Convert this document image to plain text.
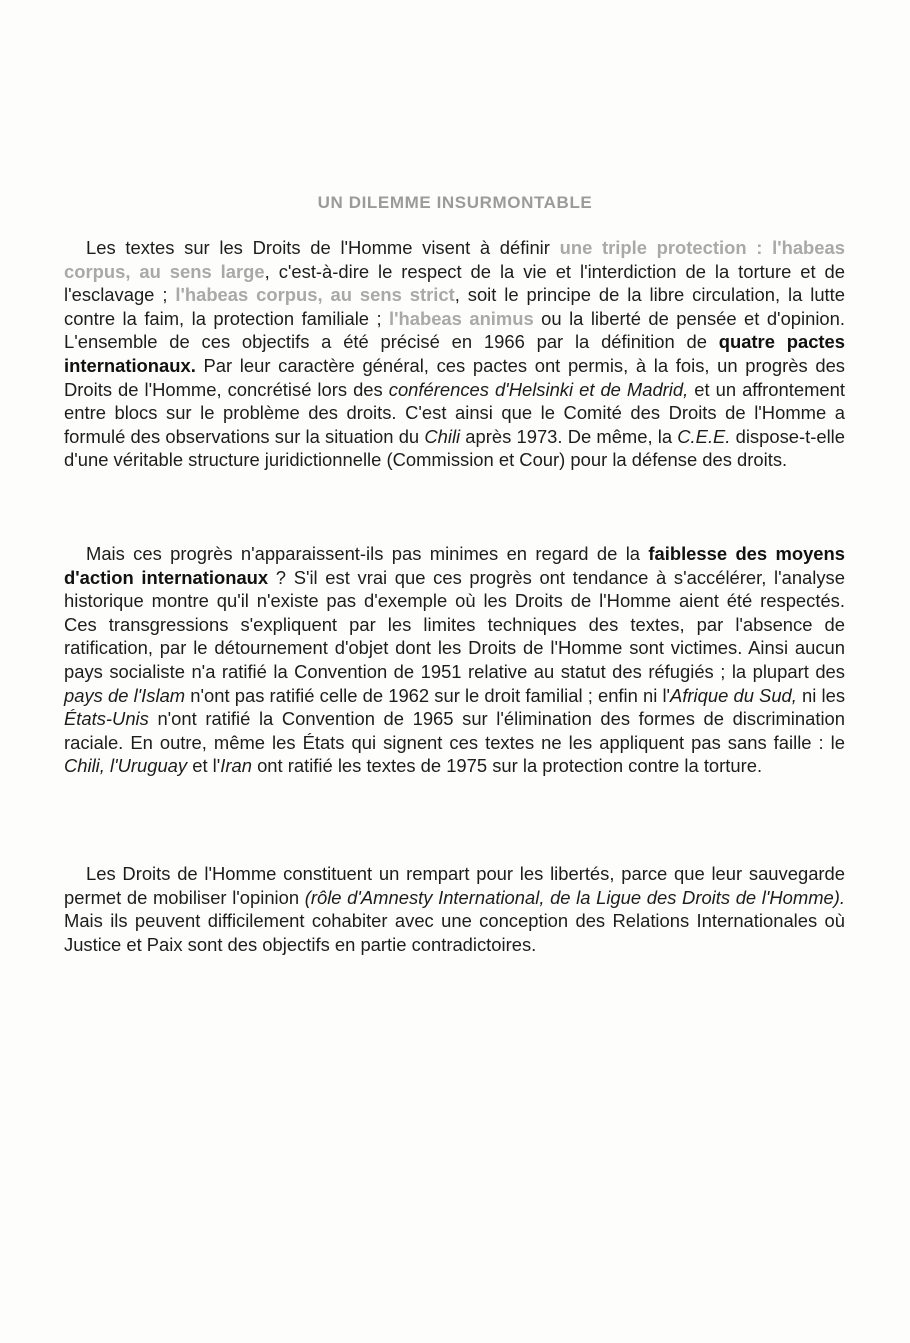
UN DILEMME INSURMONTABLE

Les textes sur les Droits de l'Homme visent à définir une triple protection : l'habeas corpus, au sens large, c'est-à-dire le respect de la vie et l'interdiction de la torture et de l'esclavage ; l'habeas corpus, au sens strict, soit le principe de la libre circulation, la lutte contre la faim, la protection familiale ; l'habeas animus ou la liberté de pensée et d'opinion. L'ensemble de ces objectifs a été précisé en 1966 par la définition de quatre pactes internationaux. Par leur caractère général, ces pactes ont permis, à la fois, un progrès des Droits de l'Homme, concrétisé lors des conférences d'Helsinki et de Madrid, et un affrontement entre blocs sur le problème des droits. C'est ainsi que le Comité des Droits de l'Homme a formulé des observations sur la situation du Chili après 1973. De même, la C.E.E. dispose-t-elle d'une véritable structure juridictionnelle (Commission et Cour) pour la défense des droits.

Mais ces progrès n'apparaissent-ils pas minimes en regard de la faiblesse des moyens d'action internationaux ? S'il est vrai que ces progrès ont tendance à s'accélérer, l'analyse historique montre qu'il n'existe pas d'exemple où les Droits de l'Homme aient été respectés. Ces transgressions s'expliquent par les limites techniques des textes, par l'absence de ratification, par le détournement d'objet dont les Droits de l'Homme sont victimes. Ainsi aucun pays socialiste n'a ratifié la Convention de 1951 relative au statut des réfugiés ; la plupart des pays de l'Islam n'ont pas ratifié celle de 1962 sur le droit familial ; enfin ni l'Afrique du Sud, ni les États-Unis n'ont ratifié la Convention de 1965 sur l'élimination des formes de discrimination raciale. En outre, même les États qui signent ces textes ne les appliquent pas sans faille : le Chili, l'Uruguay et l'Iran ont ratifié les textes de 1975 sur la protection contre la torture.

Les Droits de l'Homme constituent un rempart pour les libertés, parce que leur sauvegarde permet de mobiliser l'opinion (rôle d'Amnesty International, de la Ligue des Droits de l'Homme). Mais ils peuvent difficilement cohabiter avec une conception des Relations Internationales où Justice et Paix sont des objectifs en partie contradictoires.
